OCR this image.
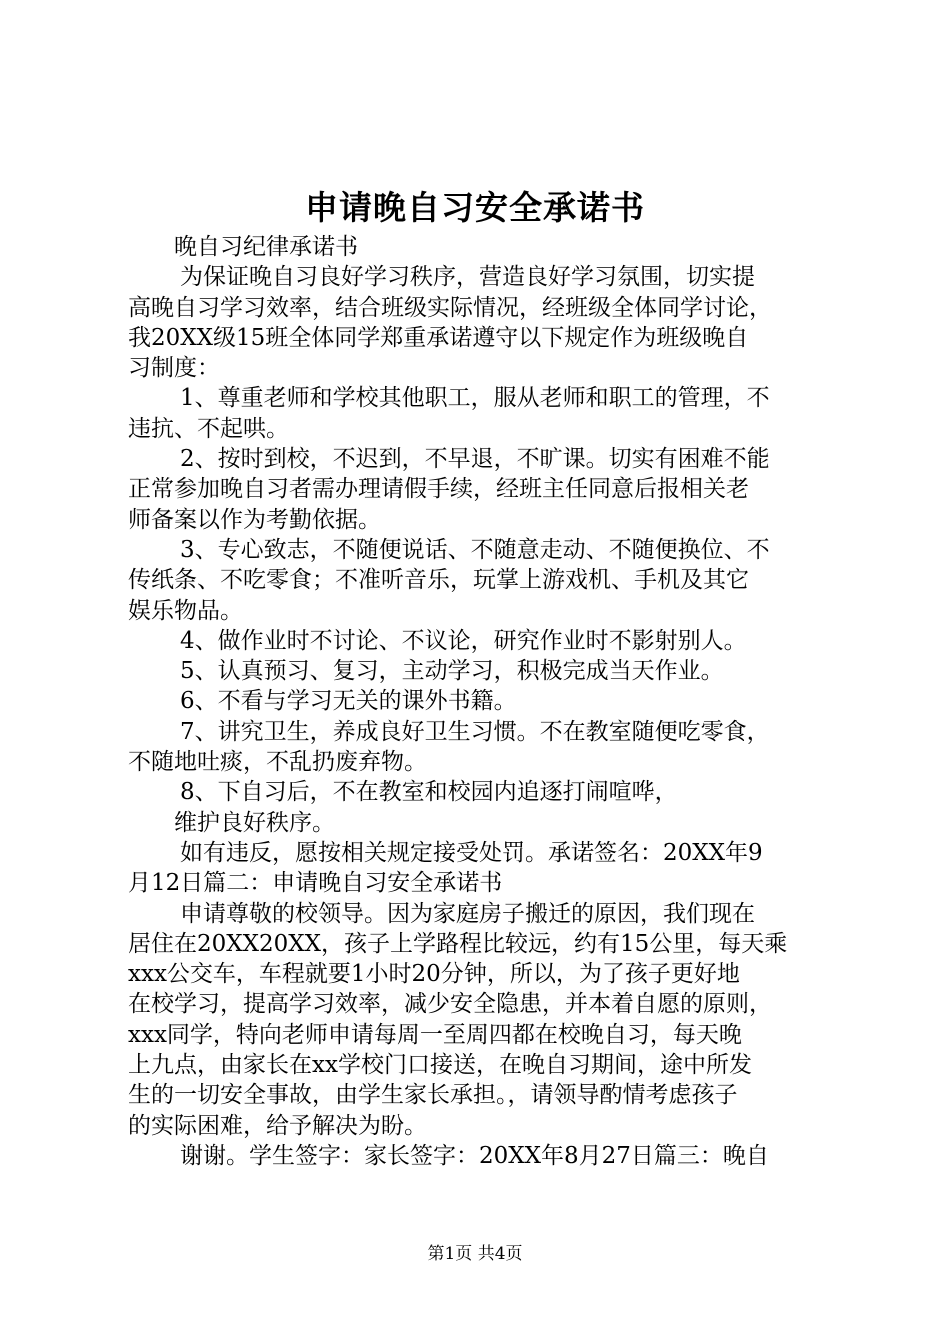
申请晚自习安全承诺书
晚自习纪律承诺书
为保证晚自习良好学习秩序，营造良好学习氛围，切实提
高晚自习学习效率，结合班级实际情况，经班级全体同学讨论，
我20XX级15班全体同学郑重承诺遵守以下规定作为班级晚自
习制度：
1、尊重老师和学校其他职工，服从老师和职工的管理，不
违抗、不起哄。
2、按时到校，不迟到，不早退，不旷课。切实有困难不能
正常参加晚自习者需办理请假手续，经班主任同意后报相关老
师备案以作为考勤依据。
3、专心致志，不随便说话、不随意走动、不随便换位、不
传纸条、不吃零食；不准听音乐，玩掌上游戏机、手机及其它
娱乐物品。
4、做作业时不讨论、不议论，研究作业时不影射别人。
5、认真预习、复习，主动学习，积极完成当天作业。
6、不看与学习无关的课外书籍。
7、讲究卫生，养成良好卫生习惯。不在教室随便吃零食，
不随地吐痰，不乱扔废弃物。
8、下自习后，不在教室和校园内追逐打闹喧哗，
维护良好秩序。
如有违反，愿按相关规定接受处罚。承诺签名：20XX年9
月12日篇二：申请晚自习安全承诺书
申请尊敬的校领导。因为家庭房子搬迁的原因，我们现在
居住在20XX20XX，孩子上学路程比较远，约有15公里，每天乘
xxx公交车，车程就要1小时20分钟，所以，为了孩子更好地
在校学习，提高学习效率，减少安全隐患，并本着自愿的原则，
xxx同学，特向老师申请每周一至周四都在校晚自习，每天晚
上九点，由家长在xx学校门口接送，在晚自习期间，途中所发
生的一切安全事故，由学生家长承担。，请领导酌情考虑孩子
的实际困难，给予解决为盼。
谢谢。学生签字：家长签字：20XX年8月27日篇三：晚自
第1页 共4页
